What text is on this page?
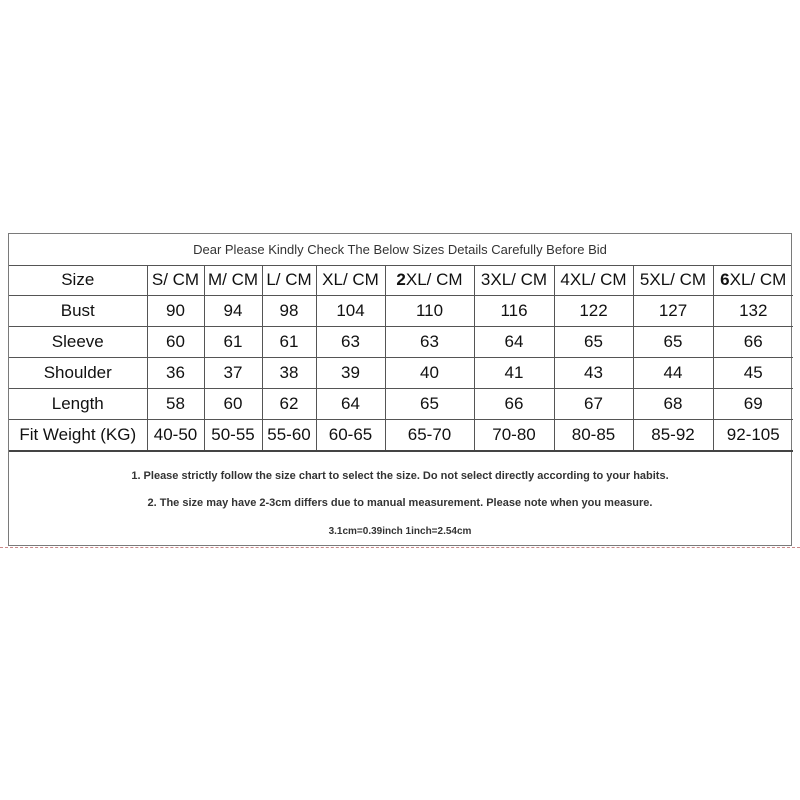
Dear Please Kindly Check The Below Sizes Details Carefully Before Bid
Size	S/ CM	M/ CM	L/ CM	XL/ CM	2XL/ CM	3XL/ CM	4XL/ CM	5XL/ CM	6XL/ CM
Bust	90	94	98	104	110	116	122	127	132
Sleeve	60	61	61	63	63	64	65	65	66
Shoulder	36	37	38	39	40	41	43	44	45
Length	58	60	62	64	65	66	67	68	69
Fit Weight (KG)	40-50	50-55	55-60	60-65	65-70	70-80	80-85	85-92	92-105
1. Please strictly follow the size chart to select the size. Do not select directly according to your habits.
2. The size may have 2-3cm differs due to manual measurement. Please note when you measure.
3.1cm=0.39inch 1inch=2.54cm
